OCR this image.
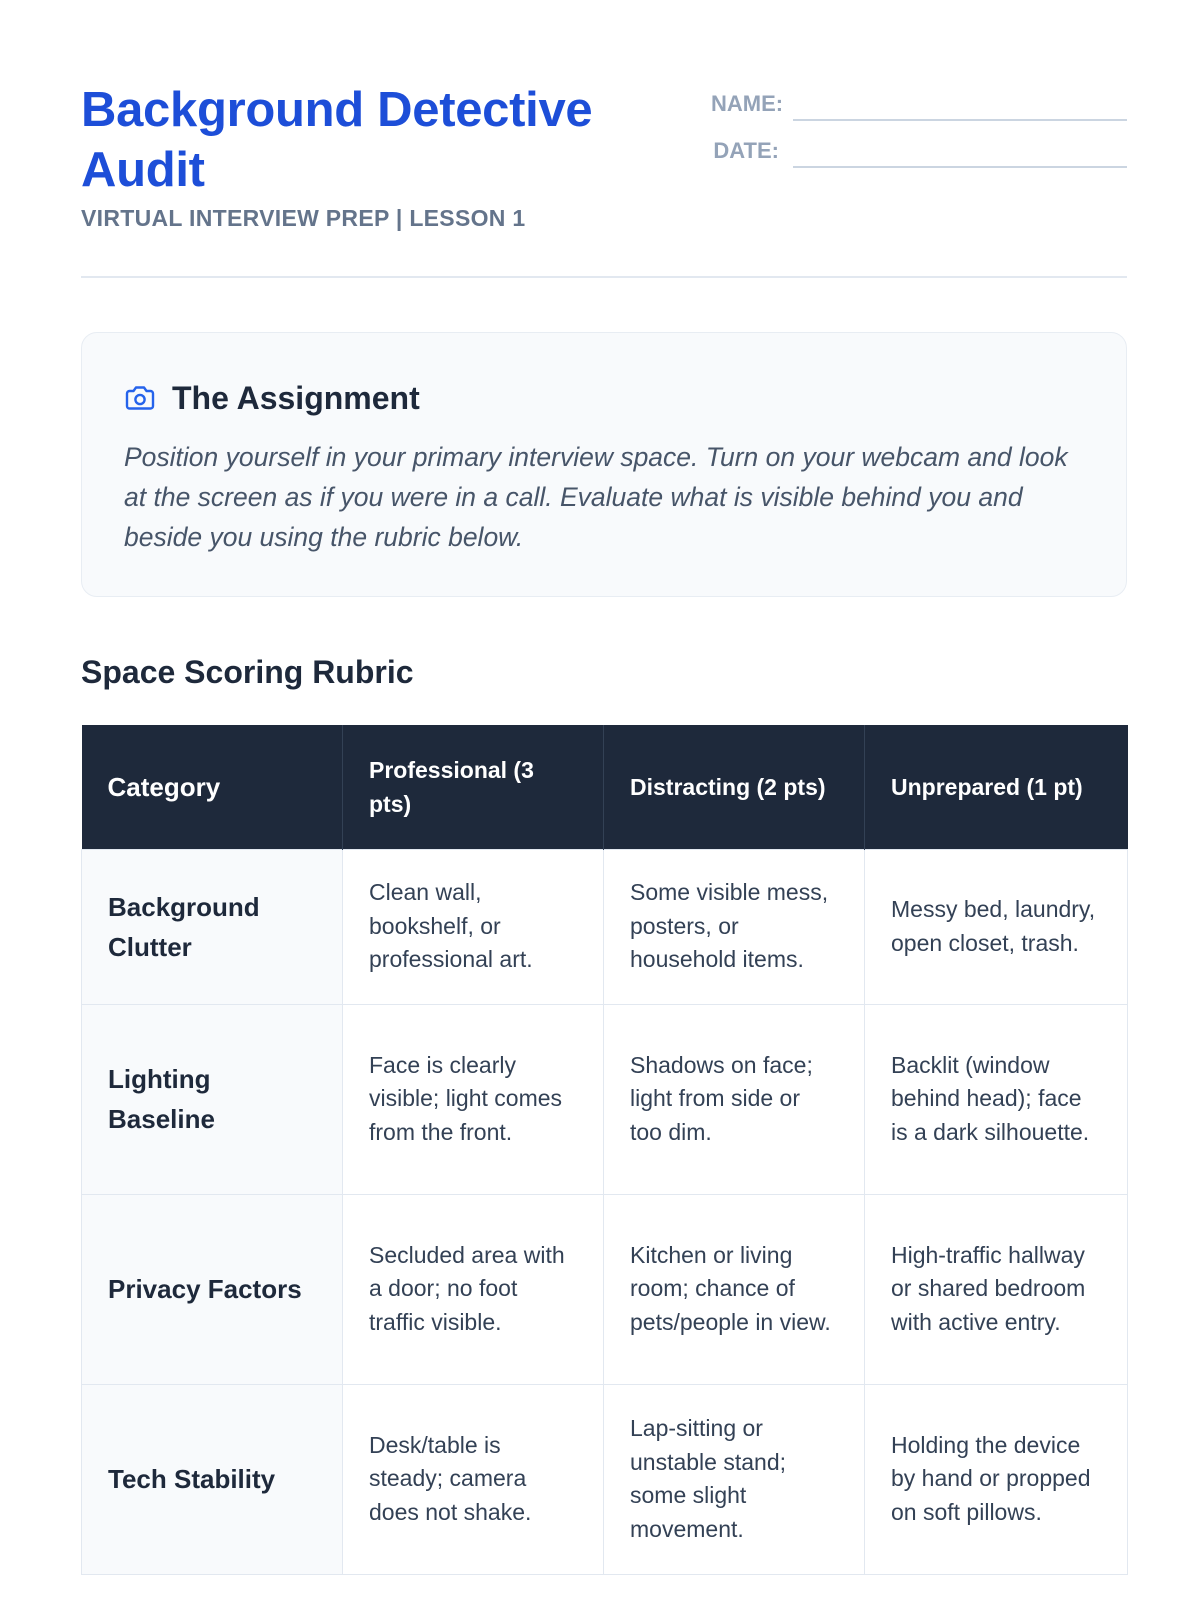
Background Detective Audit
VIRTUAL INTERVIEW PREP | LESSON 1
NAME:
DATE:
The Assignment

Position yourself in your primary interview space. Turn on your webcam and look at the screen as if you were in a call. Evaluate what is visible behind you and beside you using the rubric below.

Space Scoring Rubric
Category	Professional (3 pts)	Distracting (2 pts)	Unprepared (1 pt)
Background Clutter	Clean wall, bookshelf, or professional art.	Some visible mess, posters, or household items.	Messy bed, laundry, open closet, trash.
Lighting Baseline	Face is clearly visible; light comes from the front.	Shadows on face; light from side or too dim.	Backlit (window behind head); face is a dark silhouette.
Privacy Factors	Secluded area with a door; no foot traffic visible.	Kitchen or living room; chance of pets/people in view.	High-traffic hallway or shared bedroom with active entry.
Tech Stability	Desk/table is steady; camera does not shake.	Lap-sitting or unstable stand; some slight movement.	Holding the device by hand or propped on soft pillows.
